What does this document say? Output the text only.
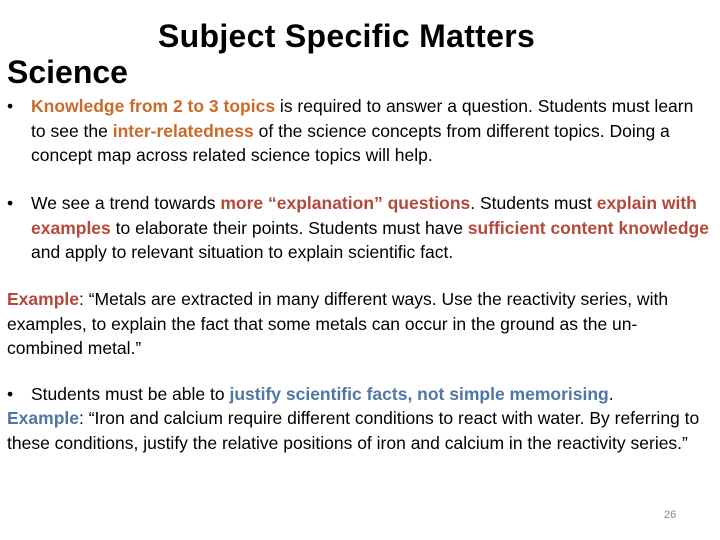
Subject Specific Matters
Science
• Knowledge from 2 to 3 topics is required to answer a question. Students must learn to see the inter-relatedness of the science concepts from different topics. Doing a concept map across related science topics will help.
• We see a trend towards more “explanation” questions. Students must explain with examples to elaborate their points. Students must have sufficient content knowledge and apply to relevant situation to explain scientific fact.
Example: “Metals are extracted in many different ways. Use the reactivity series, with examples, to explain the fact that some metals can occur in the ground as the un-combined metal.”
• Students must be able to justify scientific facts, not simple memorising.
Example: “Iron and calcium require different conditions to react with water. By referring to these conditions, justify the relative positions of iron and calcium in the reactivity series.”
26
